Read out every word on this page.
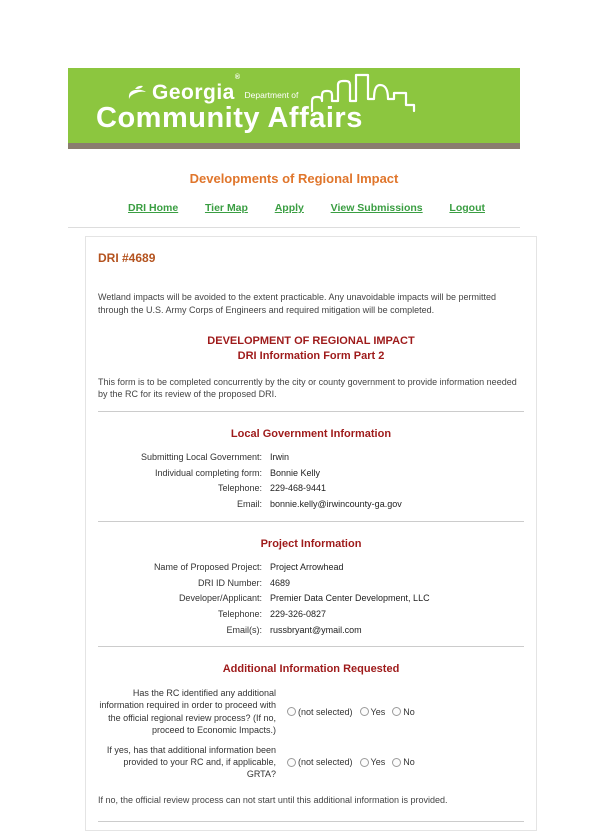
Georgia®
Department of
Community Affairs
Developments of Regional Impact
DRI Home	Tier Map	Apply	View Submissions	Logout
DRI #4689

Wetland impacts will be avoided to the extent practicable. Any unavoidable impacts will be permitted through the U.S. Army Corps of Engineers and required mitigation will be completed.

DEVELOPMENT OF REGIONAL IMPACT
DRI Information Form Part 2

This form is to be completed concurrently by the city or county government to provide information needed by the RC for its review of the proposed DRI.

Local Government Information
Submitting Local Government: Irwin
Individual completing form: Bonnie Kelly
Telephone: 229-468-9441
Email: bonnie.kelly@irwincounty-ga.gov
Project Information
Name of Proposed Project: Project Arrowhead
DRI ID Number: 4689
Developer/Applicant: Premier Data Center Development, LLC
Telephone: 229-326-0827
Email(s): russbryant@ymail.com
Additional Information Requested
Has the RC identified any additional information required in order to proceed with the official regional review process? (If no, proceed to Economic Impacts.)
(not selected) Yes No
If yes, has that additional information been provided to your RC and, if applicable, GRTA?
(not selected) Yes No

If no, the official review process can not start until this additional information is provided.
